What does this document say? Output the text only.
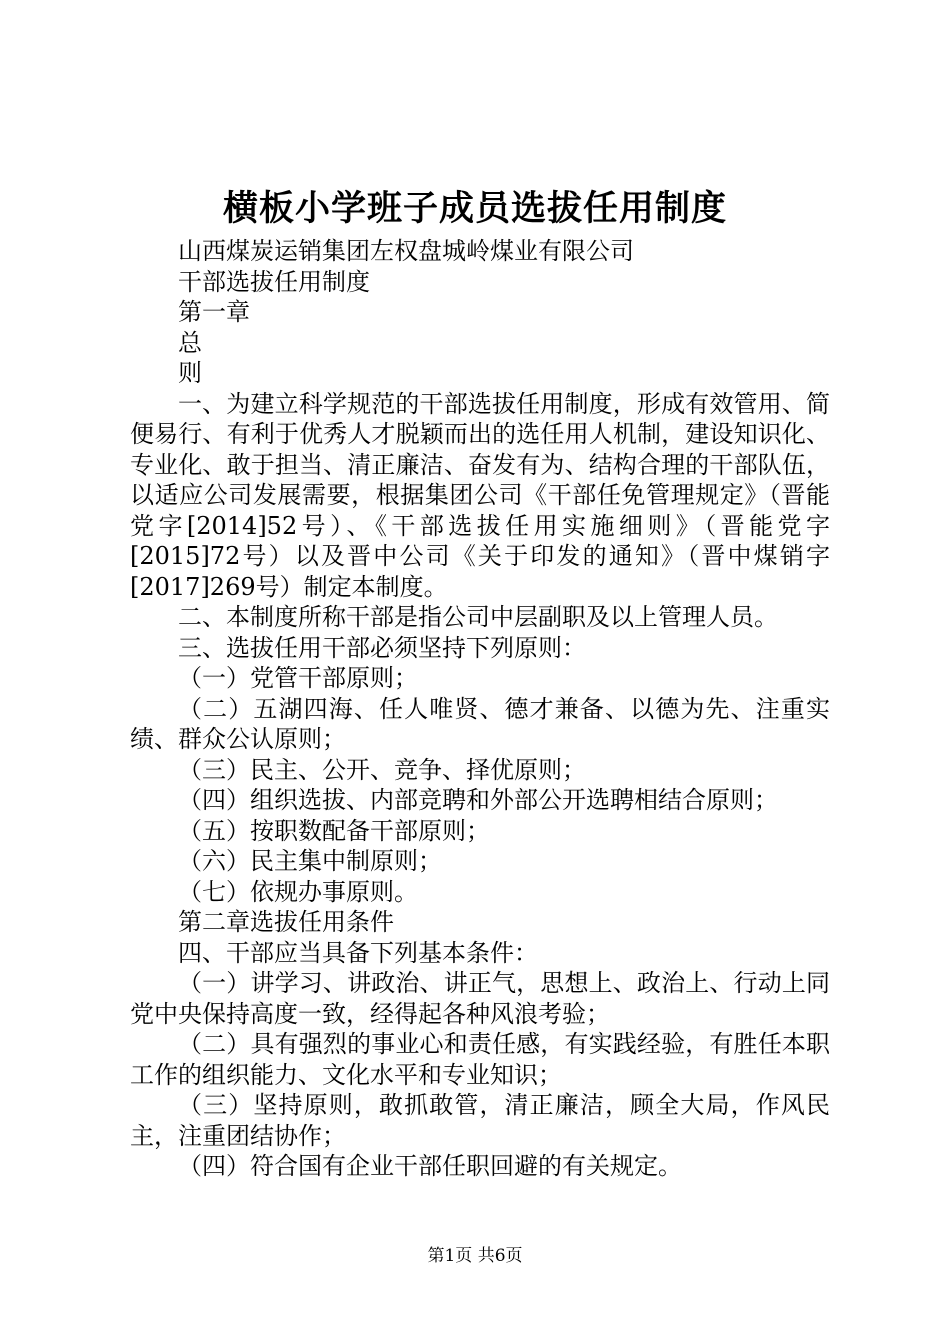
横板小学班子成员选拔任用制度

山西煤炭运销集团左权盘城岭煤业有限公司

干部选拔任用制度

第一章

总

则

一、为建立科学规范的干部选拔任用制度，形成有效管用、简便易行、有利于优秀人才脱颖而出的选任用人机制，建设知识化、专业化、敢于担当、清正廉洁、奋发有为、结构合理的干部队伍，以适应公司发展需要，根据集团公司《干部任免管理规定》（晋能党字[2014]52号）、《干部选拔任用实施细则》（晋能党字[2015]72号）以及晋中公司《关于印发的通知》（晋中煤销字[2017]269号）制定本制度。

二、本制度所称干部是指公司中层副职及以上管理人员。

三、选拔任用干部必须坚持下列原则：

（一）党管干部原则；

（二）五湖四海、任人唯贤、德才兼备、以德为先、注重实绩、群众公认原则；

（三）民主、公开、竞争、择优原则；

（四）组织选拔、内部竞聘和外部公开选聘相结合原则；

（五）按职数配备干部原则；

（六）民主集中制原则；

（七）依规办事原则。

第二章选拔任用条件

四、干部应当具备下列基本条件：

（一）讲学习、讲政治、讲正气，思想上、政治上、行动上同党中央保持高度一致，经得起各种风浪考验；

（二）具有强烈的事业心和责任感，有实践经验，有胜任本职工作的组织能力、文化水平和专业知识；

（三）坚持原则，敢抓敢管，清正廉洁，顾全大局，作风民主，注重团结协作；

（四）符合国有企业干部任职回避的有关规定。

第1页 共6页
